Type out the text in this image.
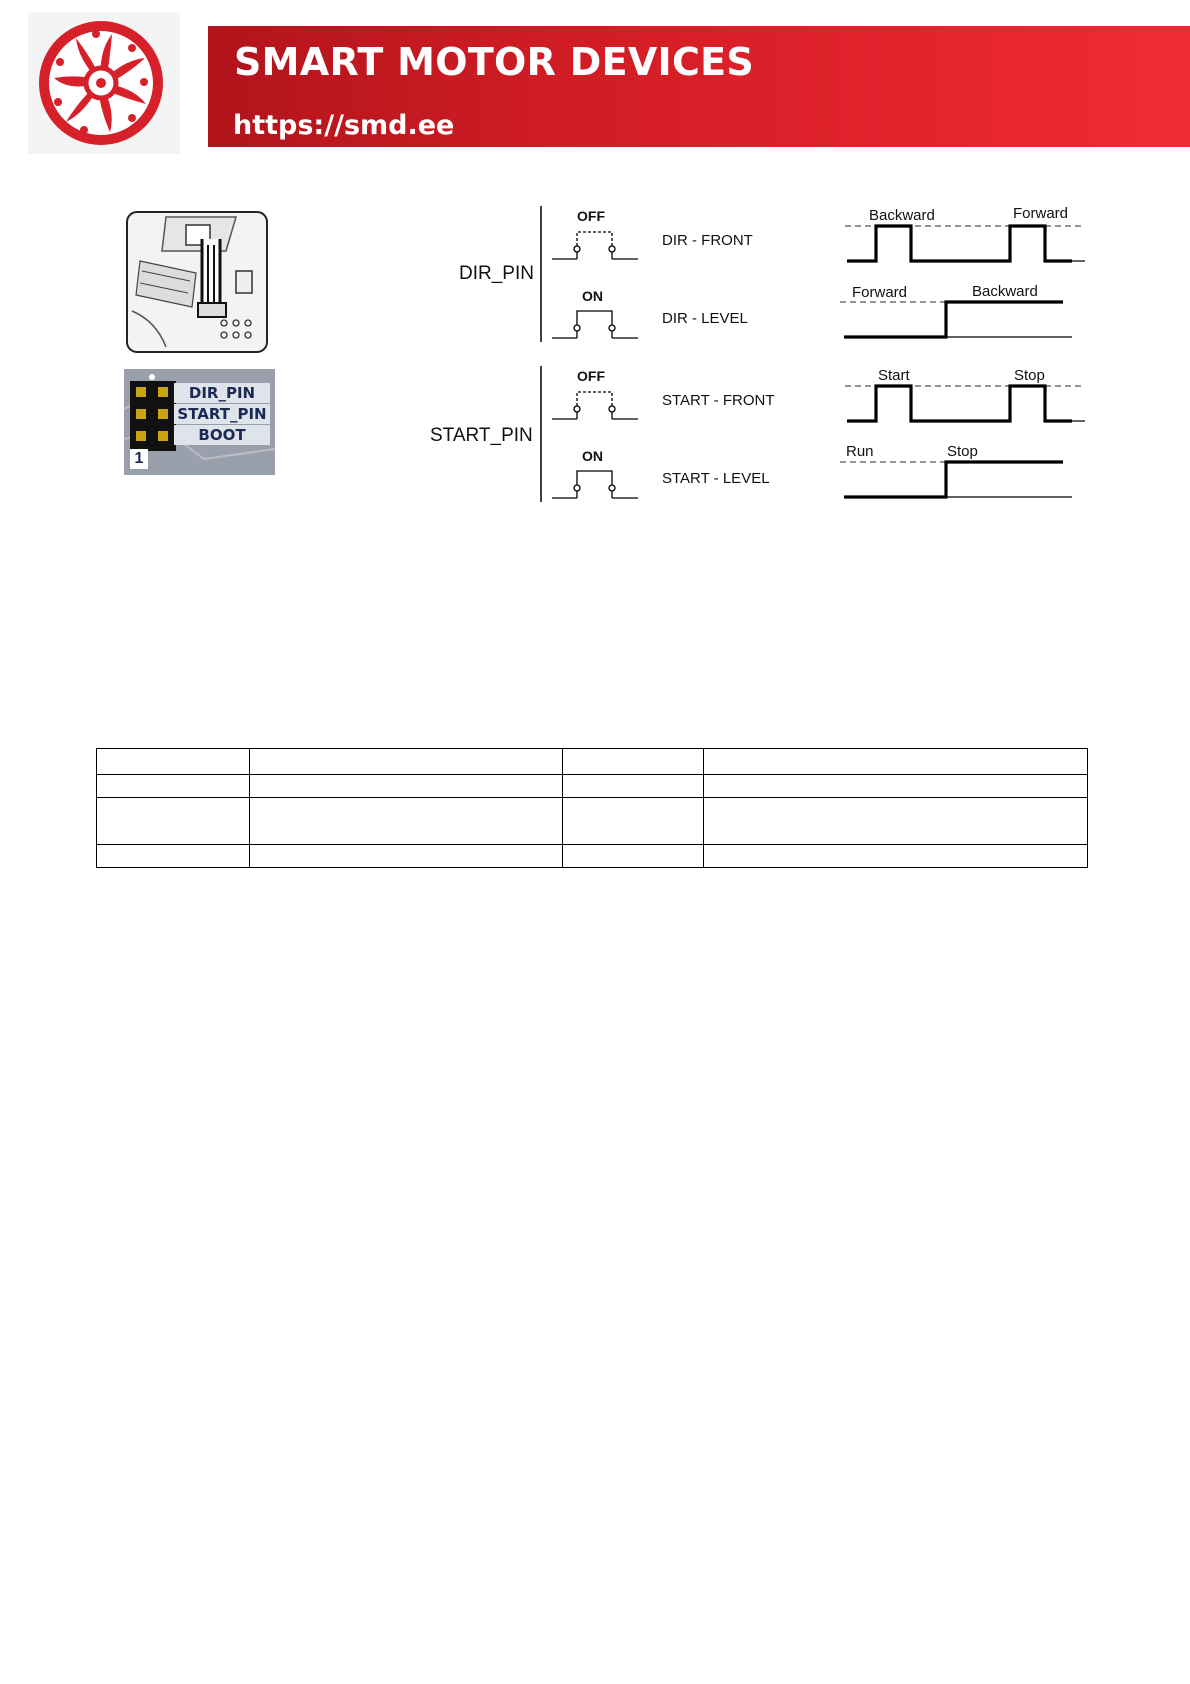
SMART MOTOR DEVICES
https://smd.ee
DIR_PIN
START_PIN
BOOT
1
DIR_PIN
START_PIN
OFF
ON
OFF
ON
DIR - FRONT
DIR - LEVEL
START - FRONT
START - LEVEL
Backward	Forward
Forward	Backward
Start	Stop
Run	Stop
